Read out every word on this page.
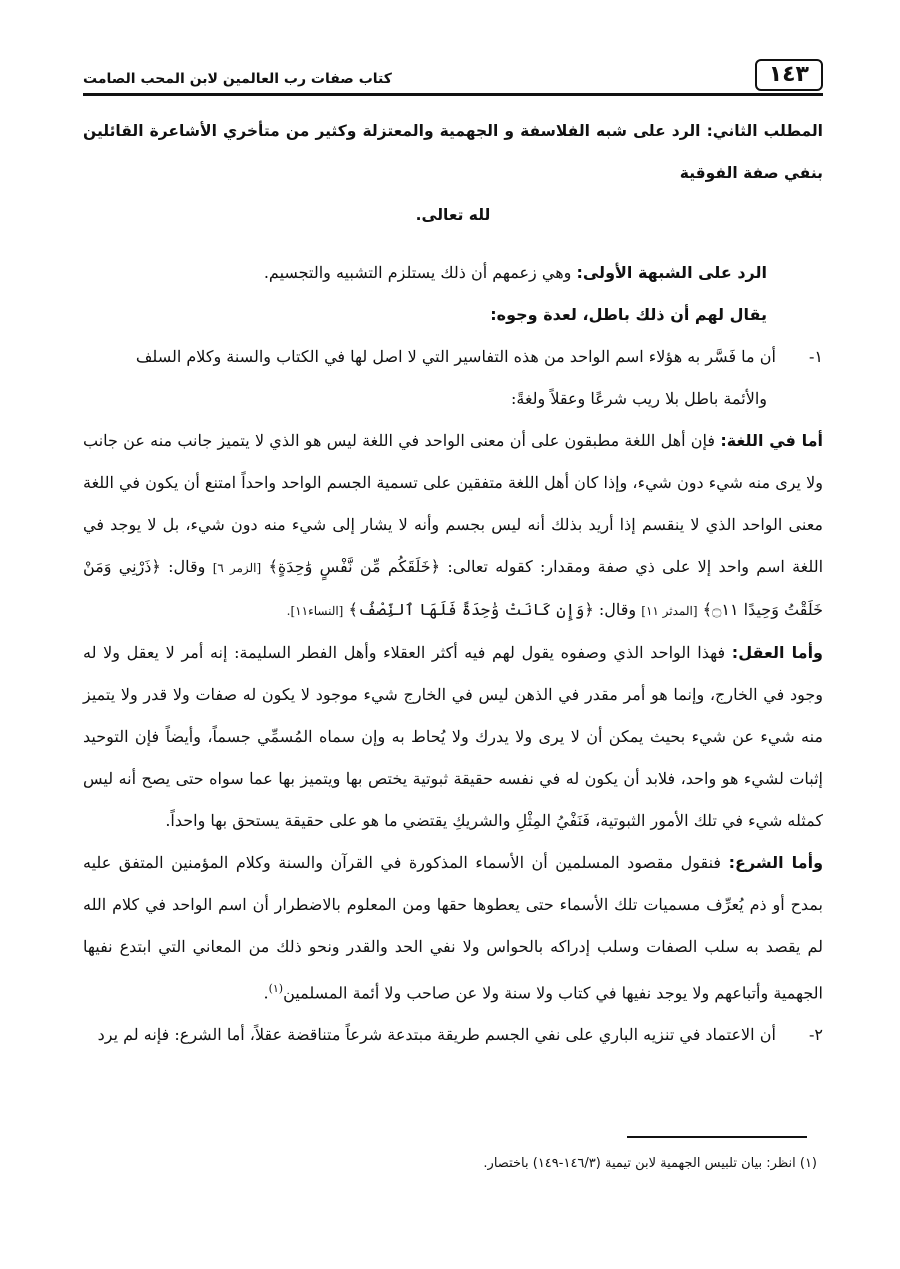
١٤٣
كتاب صفات رب العالمين لابن المحب الصامت
المطلب الثاني: الرد على شبه الفلاسفة و الجهمية والمعتزلة وكثير من متأخري الأشاعرة القائلين بنفي صفة الفوقية
لله تعالى.

الرد على الشبهة الأولى: وهي زعمهم أن ذلك يستلزم التشبيه والتجسيم.

يقال لهم أن ذلك باطل، لعدة وجوه:

١- أن ما فَسَّر به هؤلاء اسم الواحد من هذه التفاسير التي لا اصل لها في الكتاب والسنة وكلام السلف
والأئمة باطل بلا ريب شرعًا وعقلاً ولغةً:

أما في اللغة: فإن أهل اللغة مطبقون على أن معنى الواحد في اللغة ليس هو الذي لا يتميز جانب منه عن جانب ولا يرى منه شيء دون شيء، وإذا كان أهل اللغة متفقين على تسمية الجسم الواحد واحداً امتنع أن يكون في اللغة معنى الواحد الذي لا ينقسم إذا أريد بذلك أنه ليس بجسم وأنه لا يشار إلى شيء منه دون شيء، بل لا يوجد في اللغة اسم واحد إلا على ذي صفة ومقدار: كقوله تعالى: ﴿خَلَقَكُم مِّن نَّفْسٍ وَٰحِدَةٍ﴾ [الزمر ٦] وقال: ﴿ذَرْنِي وَمَنْ خَلَقْتُ وَحِيدًا ۝١١﴾ [المدثر ١١] وقال: ﴿وَإِن كَانَتْ وَٰحِدَةً فَلَهَا ٱلنِّصْفُ﴾ [النساء١١].

وأما العقل: فهذا الواحد الذي وصفوه يقول لهم فيه أكثر العقلاء وأهل الفطر السليمة: إنه أمر لا يعقل ولا له وجود في الخارج، وإنما هو أمر مقدر في الذهن ليس في الخارج شيء موجود لا يكون له صفات ولا قدر ولا يتميز منه شيء عن شيء بحيث يمكن أن لا يرى ولا يدرك ولا يُحاط به وإن سماه المُسمِّي جسماً، وأيضاً فإن التوحيد إثبات لشيء هو واحد، فلابد أن يكون له في نفسه حقيقة ثبوتية يختص بها ويتميز بها عما سواه حتى يصح أنه ليس كمثله شيء في تلك الأمور الثبوتية، فَنَفْيُ المِثْلِ والشريكِ يقتضي ما هو على حقيقة يستحق بها واحداً.

وأما الشرع: فنقول مقصود المسلمين أن الأسماء المذكورة في القرآن والسنة وكلام المؤمنين المتفق عليه بمدح أو ذم يُعرِّف مسميات تلك الأسماء حتى يعطوها حقها ومن المعلوم بالاضطرار أن اسم الواحد في كلام الله لم يقصد به سلب الصفات وسلب إدراكه بالحواس ولا نفي الحد والقدر ونحو ذلك من المعاني التي ابتدع نفيها الجهمية وأتباعهم ولا يوجد نفيها في كتاب ولا سنة ولا عن صاحب ولا أئمة المسلمين$^{(١)}$.

٢- أن الاعتماد في تنزيه الباري على نفي الجسم طريقة مبتدعة شرعاً متناقضة عقلاً، أما الشرع: فإنه لم يرد

(١) انظر: بيان تلبيس الجهمية لابن تيمية (١٤٦/٣-١٤٩) باختصار.
